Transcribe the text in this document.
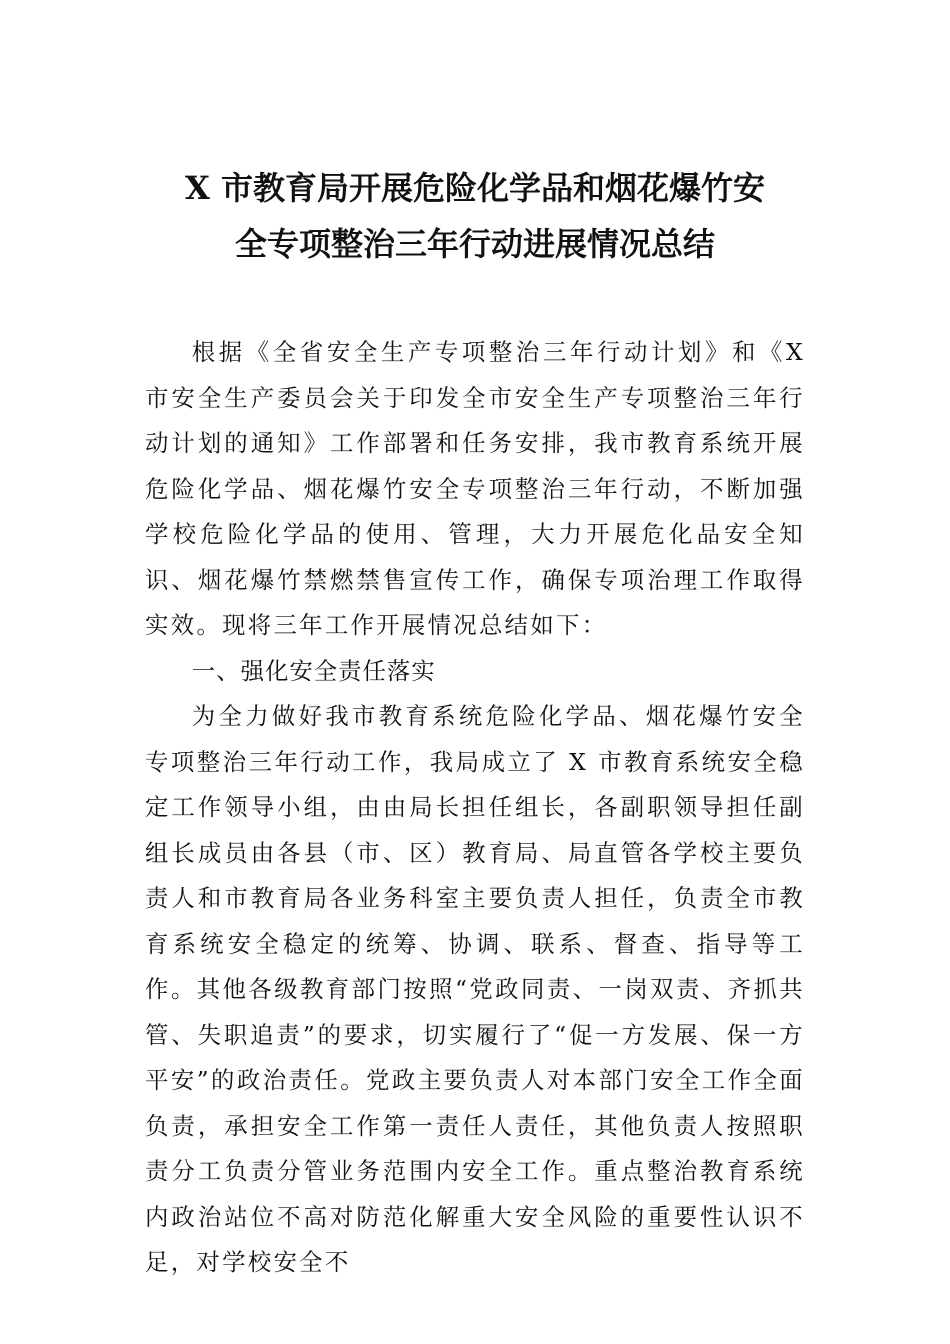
X 市教育局开展危险化学品和烟花爆竹安
全专项整治三年行动进展情况总结

根据《全省安全生产专项整治三年行动计划》和《X 市安全生产委员会关于印发全市安全生产专项整治三年行动计划的通知》工作部署和任务安排，我市教育系统开展危险化学品、烟花爆竹安全专项整治三年行动，不断加强学校危险化学品的使用、管理，大力开展危化品安全知识、烟花爆竹禁燃禁售宣传工作，确保专项治理工作取得实效。现将三年工作开展情况总结如下：

一、强化安全责任落实

为全力做好我市教育系统危险化学品、烟花爆竹安全专项整治三年行动工作，我局成立了 X 市教育系统安全稳定工作领导小组，由由局长担任组长，各副职领导担任副组长成员由各县（市、区）教育局、局直管各学校主要负责人和市教育局各业务科室主要负责人担任，负责全市教育系统安全稳定的统筹、协调、联系、督查、指导等工作。其他各级教育部门按照“党政同责、一岗双责、齐抓共管、失职追责”的要求，切实履行了“促一方发展、保一方平安”的政治责任。党政主要负责人对本部门安全工作全面负责，承担安全工作第一责任人责任，其他负责人按照职责分工负责分管业务范围内安全工作。重点整治教育系统内政治站位不高对防范化解重大安全风险的重要性认识不足，对学校安全不
